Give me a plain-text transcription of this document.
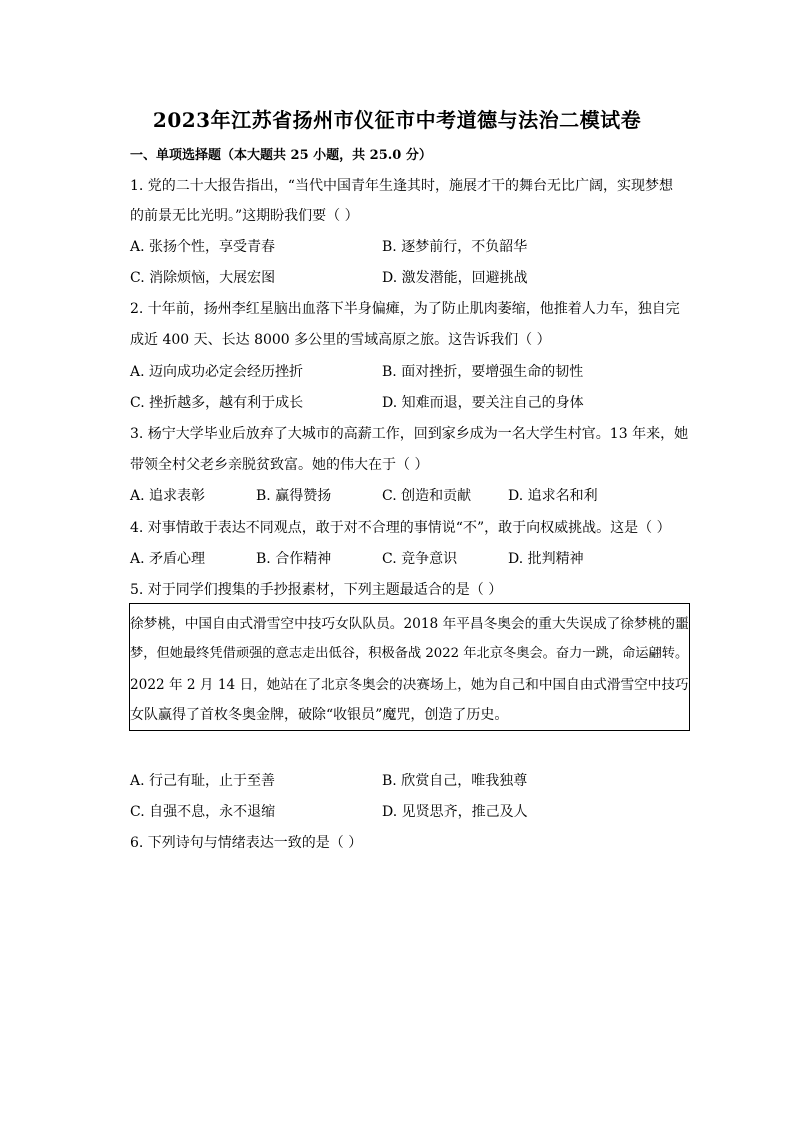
2023年江苏省扬州市仪征市中考道德与法治二模试卷
一、单项选择题（本大题共 25 小题，共 25.0 分）
1. 党的二十大报告指出，“当代中国青年生逢其时，施展才干的舞台无比广阔，实现梦想
的前景无比光明。”这期盼我们要（ ）
A. 张扬个性，享受青春	B. 逐梦前行，不负韶华
C. 消除烦恼，大展宏图	D. 激发潜能，回避挑战
2. 十年前，扬州李红星脑出血落下半身偏瘫，为了防止肌肉萎缩，他推着人力车，独自完
成近 400 天、长达 8000 多公里的雪域高原之旅。这告诉我们（ ）
A. 迈向成功必定会经历挫折	B. 面对挫折，要增强生命的韧性
C. 挫折越多，越有利于成长	D. 知难而退，要关注自己的身体
3. 杨宁大学毕业后放弃了大城市的高薪工作，回到家乡成为一名大学生村官。13 年来，她
带领全村父老乡亲脱贫致富。她的伟大在于（ ）
A. 追求表彰	B. 赢得赞扬	C. 创造和贡献	D. 追求名和利
4. 对事情敢于表达不同观点，敢于对不合理的事情说“不”，敢于向权威挑战。这是（ ）
A. 矛盾心理	B. 合作精神	C. 竞争意识	D. 批判精神
5. 对于同学们搜集的手抄报素材，下列主题最适合的是（ ）
徐梦桃，中国自由式滑雪空中技巧女队队员。2018 年平昌冬奥会的重大失误成了徐梦桃的噩
梦，但她最终凭借顽强的意志走出低谷，积极备战 2022 年北京冬奥会。奋力一跳，命运翩转。
2022 年 2 月 14 日，她站在了北京冬奥会的决赛场上，她为自己和中国自由式滑雪空中技巧
女队赢得了首枚冬奥金牌，破除“收银员”魔咒，创造了历史。
A. 行己有耻，止于至善	B. 欣赏自己，唯我独尊
C. 自强不息，永不退缩	D. 见贤思齐，推己及人
6. 下列诗句与情绪表达一致的是（ ）
